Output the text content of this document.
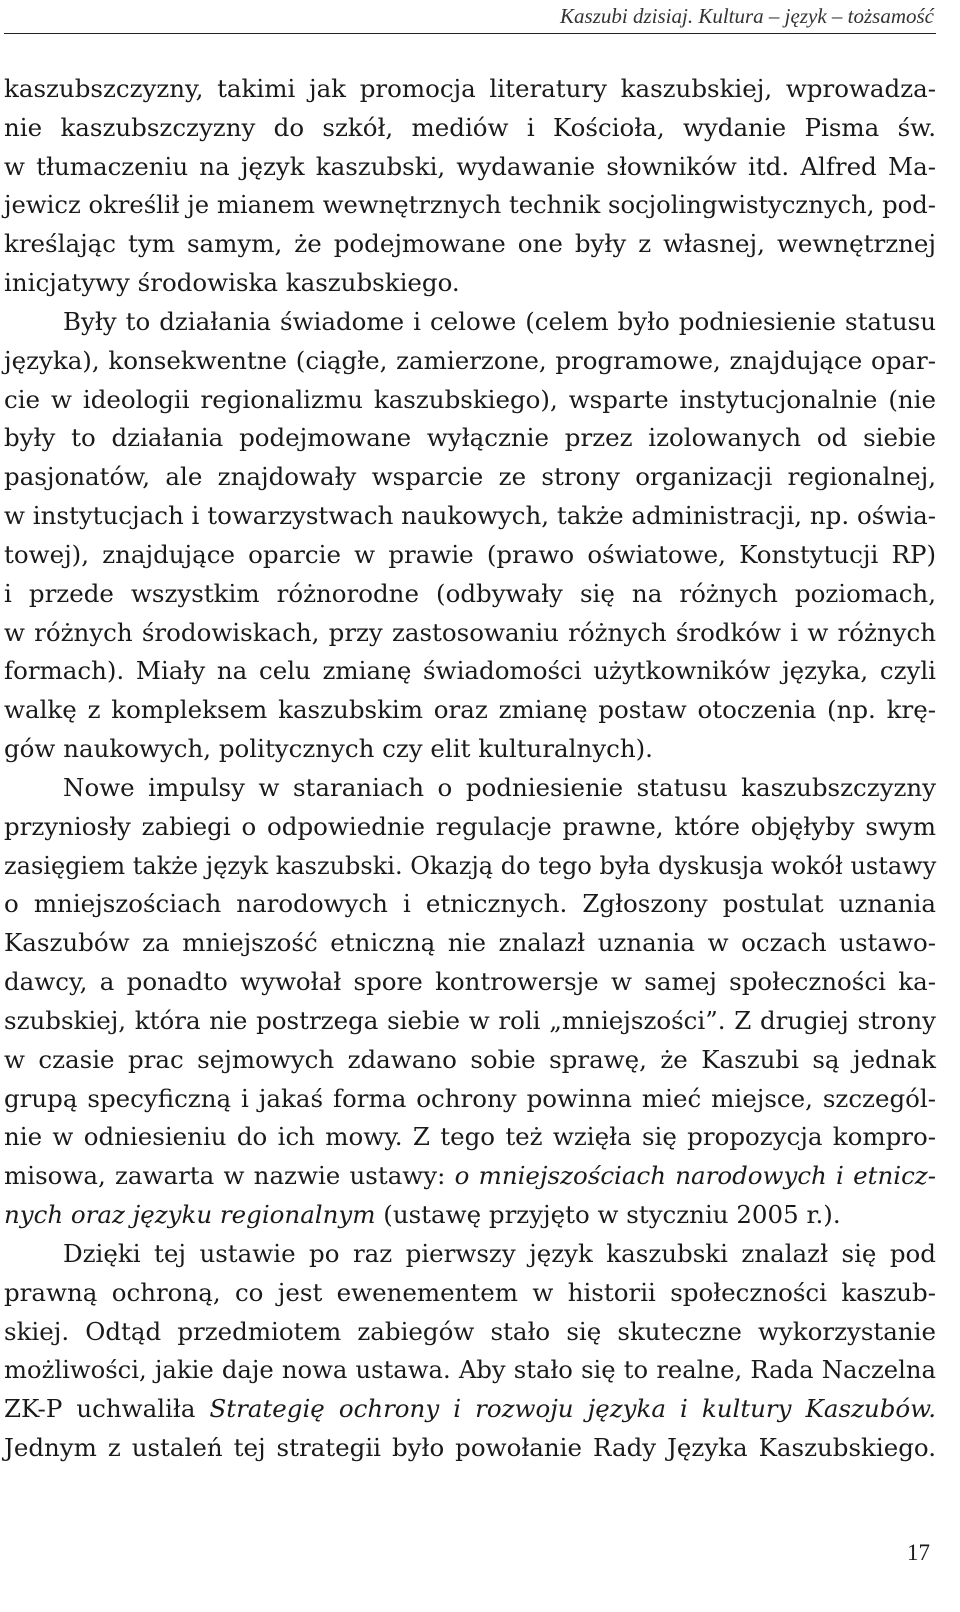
Kaszubi dzisiaj. Kultura – język – tożsamość
kaszubszczyzny, takimi jak promocja literatury kaszubskiej, wprowadza-
nie kaszubszczyzny do szkół, mediów i Kościoła, wydanie Pisma św.
w tłumaczeniu na język kaszubski, wydawanie słowników itd. Alfred Ma-
jewicz określił je mianem wewnętrznych technik socjolingwistycznych, pod-
kreślając tym samym, że podejmowane one były z własnej, wewnętrznej
inicjatywy środowiska kaszubskiego.
Były to działania świadome i celowe (celem było podniesienie statusu
języka), konsekwentne (ciągłe, zamierzone, programowe, znajdujące opar-
cie w ideologii regionalizmu kaszubskiego), wsparte instytucjonalnie (nie
były to działania podejmowane wyłącznie przez izolowanych od siebie
pasjonatów, ale znajdowały wsparcie ze strony organizacji regionalnej,
w instytucjach i towarzystwach naukowych, także administracji, np. oświa-
towej), znajdujące oparcie w prawie (prawo oświatowe, Konstytucji RP)
i przede wszystkim różnorodne (odbywały się na różnych poziomach,
w różnych środowiskach, przy zastosowaniu różnych środków i w różnych
formach). Miały na celu zmianę świadomości użytkowników języka, czyli
walkę z kompleksem kaszubskim oraz zmianę postaw otoczenia (np. krę-
gów naukowych, politycznych czy elit kulturalnych).
Nowe impulsy w staraniach o podniesienie statusu kaszubszczyzny
przyniosły zabiegi o odpowiednie regulacje prawne, które objęłyby swym
zasięgiem także język kaszubski. Okazją do tego była dyskusja wokół ustawy
o mniejszościach narodowych i etnicznych. Zgłoszony postulat uznania
Kaszubów za mniejszość etniczną nie znalazł uznania w oczach ustawo-
dawcy, a ponadto wywołał spore kontrowersje w samej społeczności ka-
szubskiej, która nie postrzega siebie w roli „mniejszości”. Z drugiej strony
w czasie prac sejmowych zdawano sobie sprawę, że Kaszubi są jednak
grupą specyficzną i jakaś forma ochrony powinna mieć miejsce, szczegól-
nie w odniesieniu do ich mowy. Z tego też wzięła się propozycja kompro-
misowa, zawarta w nazwie ustawy: o mniejszościach narodowych i etnicz-
nych oraz języku regionalnym (ustawę przyjęto w styczniu 2005 r.).
Dzięki tej ustawie po raz pierwszy język kaszubski znalazł się pod
prawną ochroną, co jest ewenementem w historii społeczności kaszub-
skiej. Odtąd przedmiotem zabiegów stało się skuteczne wykorzystanie
możliwości, jakie daje nowa ustawa. Aby stało się to realne, Rada Naczelna
ZK-P uchwaliła Strategię ochrony i rozwoju języka i kultury Kaszubów.
Jednym z ustaleń tej strategii było powołanie Rady Języka Kaszubskiego.
17
